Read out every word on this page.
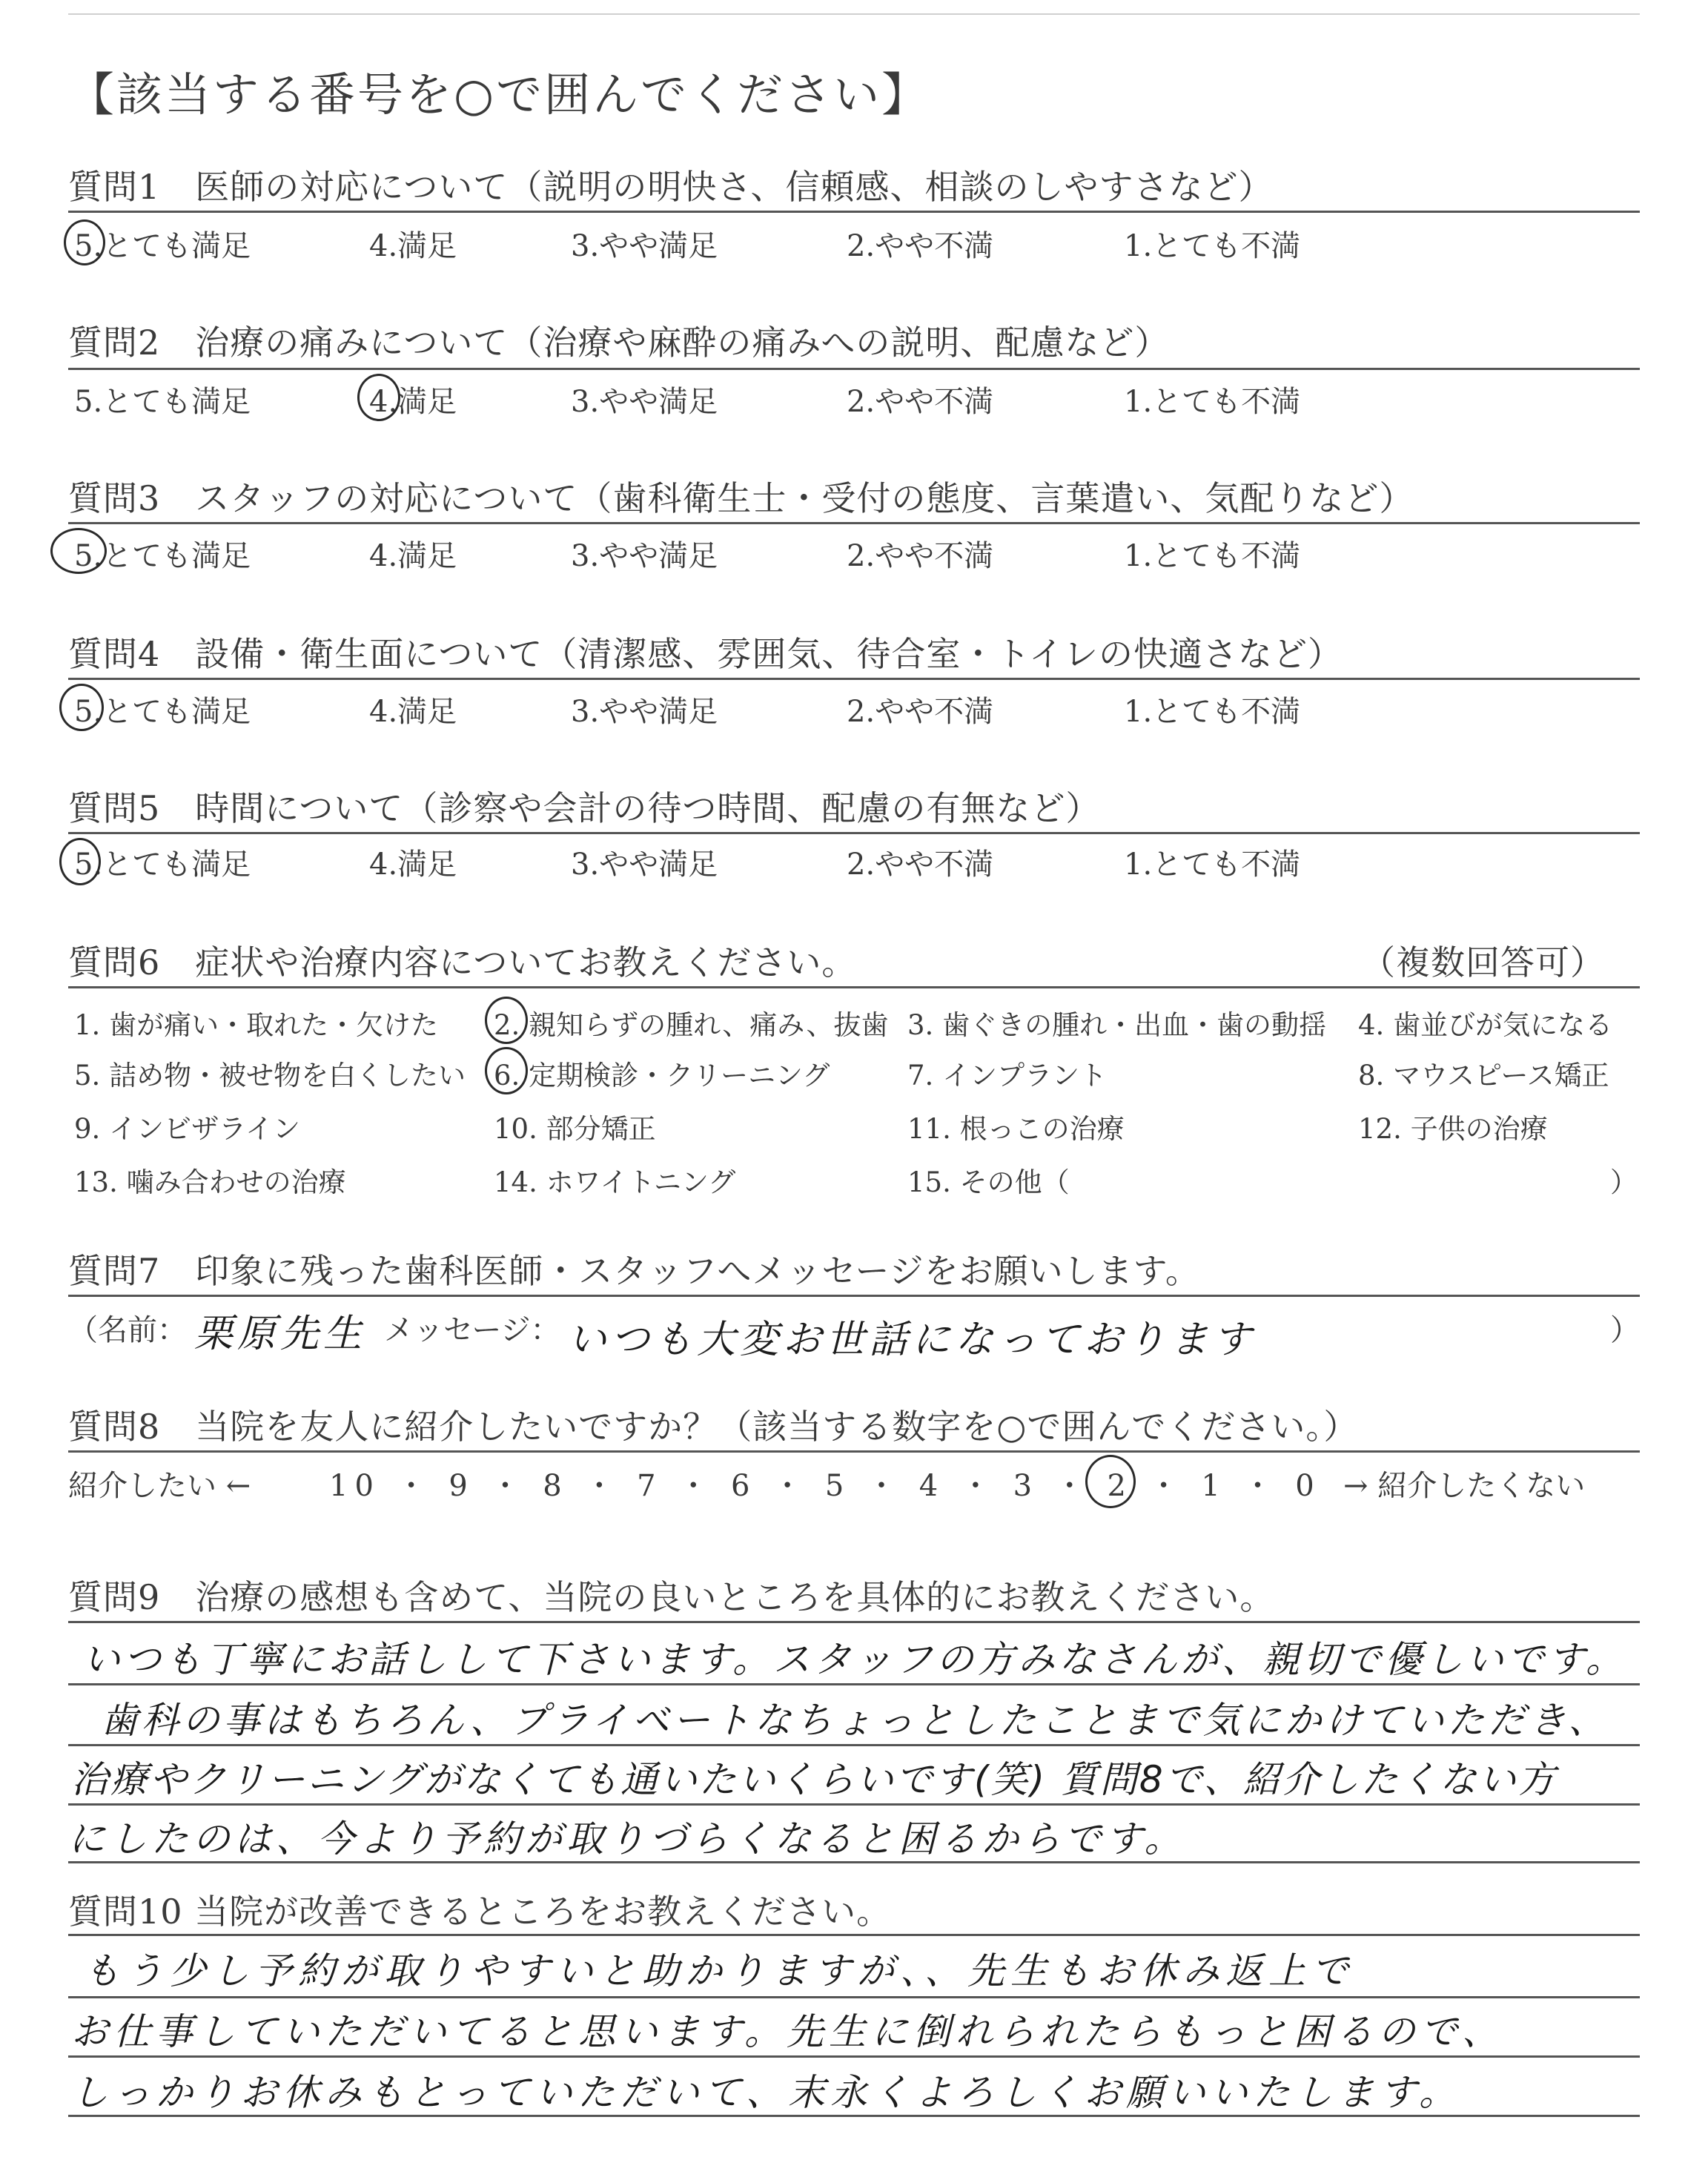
【該当する番号を○で囲んでください】
質問1　医師の対応について（説明の明快さ、信頼感、相談のしやすさなど）
5.とても満足	4.満足	3.やや満足	2.やや不満	1.とても不満
質問2　治療の痛みについて（治療や麻酔の痛みへの説明、配慮など）
5.とても満足	4.満足	3.やや満足	2.やや不満	1.とても不満
質問3　スタッフの対応について（歯科衛生士・受付の態度、言葉遣い、気配りなど）
5.とても満足	4.満足	3.やや満足	2.やや不満	1.とても不満
質問4　設備・衛生面について（清潔感、雰囲気、待合室・トイレの快適さなど）
5.とても満足	4.満足	3.やや満足	2.やや不満	1.とても不満
質問5　時間について（診察や会計の待つ時間、配慮の有無など）
5.とても満足	4.満足	3.やや満足	2.やや不満	1.とても不満
質問6　症状や治療内容についてお教えください。	（複数回答可）
1. 歯が痛い・取れた・欠けた 2. 親知らずの腫れ、痛み、抜歯 3. 歯ぐきの腫れ・出血・歯の動揺 4. 歯並びが気になる
5. 詰め物・被せ物を白くしたい 6. 定期検診・クリーニング	7. インプラント	8. マウスピース矯正
9. インビザライン	10. 部分矯正	11. 根っこの治療	12. 子供の治療
13. 噛み合わせの治療	14. ホワイトニング	15. その他（	）
質問7　印象に残った歯科医師・スタッフへメッセージをお願いします。
（名前： 栗原先生 メッセージ： いつも大変お世話になっております	）
質問8　当院を友人に紹介したいですか？（該当する数字を○で囲んでください。）
紹介したい ←	10 ・ 9 ・ 8 ・ 7 ・ 6 ・ 5 ・ 4 ・ 3 ・ 2 ・ 1 ・ 0 → 紹介したくない
質問9　治療の感想も含めて、当院の良いところを具体的にお教えください。
いつも丁寧にお話しして下さいます。スタッフの方みなさんが、親切で優しいです。
歯科の事はもちろん、プライベートなちょっとしたことまで気にかけていただき、
治療やクリーニングがなくても通いたいくらいです(笑) 質問8で、紹介したくない方
にしたのは、今より予約が取りづらくなると困るからです。
質問10 当院が改善できるところをお教えください。
もう少し予約が取りやすいと助かりますが、、先生もお休み返上で
お仕事していただいてると思います。先生に倒れられたらもっと困るので、
しっかりお休みもとっていただいて、末永くよろしくお願いいたします。
